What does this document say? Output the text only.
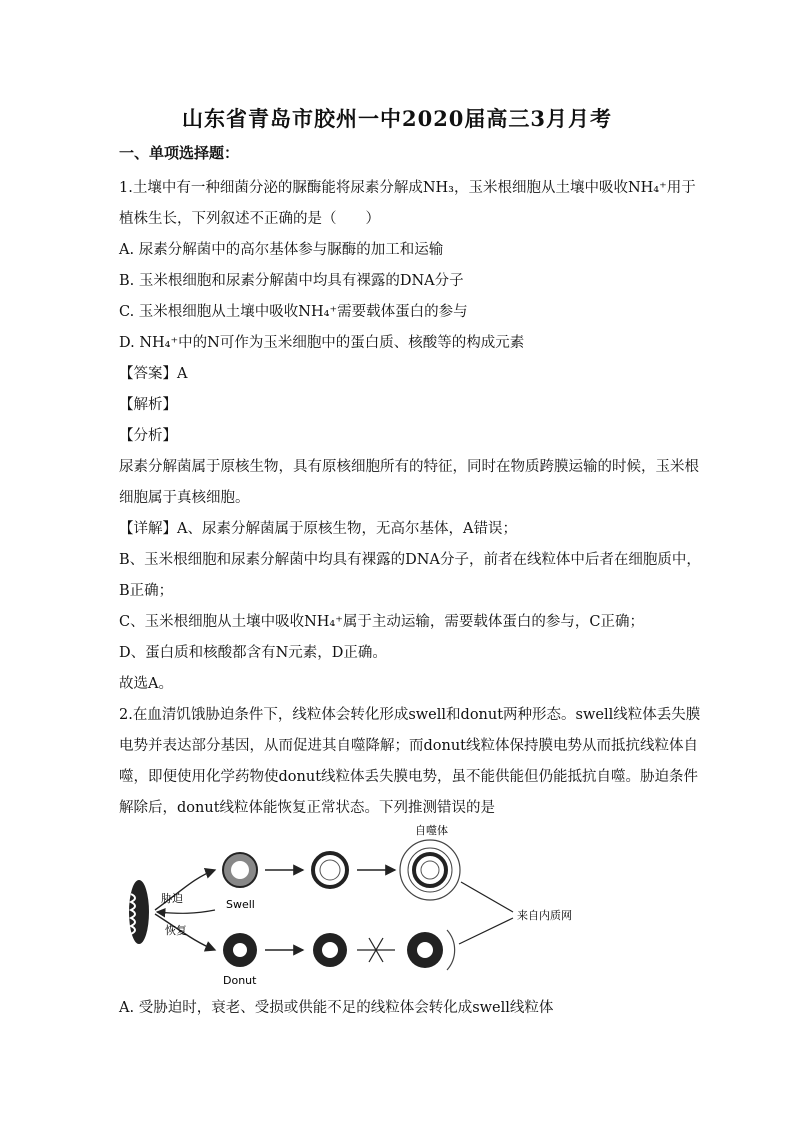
山东省青岛市胶州一中2020届高三3月月考
一、单项选择题：
1.土壤中有一种细菌分泌的脲酶能将尿素分解成NH₃，玉米根细胞从土壤中吸收NH₄⁺用于
植株生长，下列叙述不正确的是（　　）
A. 尿素分解菌中的高尔基体参与脲酶的加工和运输
B. 玉米根细胞和尿素分解菌中均具有裸露的DNA分子
C. 玉米根细胞从土壤中吸收NH₄⁺需要载体蛋白的参与
D. NH₄⁺中的N可作为玉米细胞中的蛋白质、核酸等的构成元素
【答案】A
【解析】
【分析】
尿素分解菌属于原核生物，具有原核细胞所有的特征，同时在物质跨膜运输的时候，玉米根
细胞属于真核细胞。
【详解】A、尿素分解菌属于原核生物，无高尔基体，A错误；
B、玉米根细胞和尿素分解菌中均具有裸露的DNA分子，前者在线粒体中后者在细胞质中，
B正确；
C、玉米根细胞从土壤中吸收NH₄⁺属于主动运输，需要载体蛋白的参与，C正确；
D、蛋白质和核酸都含有N元素，D正确。
故选A。
2.在血清饥饿胁迫条件下，线粒体会转化形成swell和donut两种形态。swell线粒体丢失膜
电势并表达部分基因，从而促进其自噬降解；而donut线粒体保持膜电势从而抵抗线粒体自
噬，即便使用化学药物使donut线粒体丢失膜电势，虽不能供能但仍能抵抗自噬。胁迫条件
解除后，donut线粒体能恢复正常状态。下列推测错误的是
胁迫
恢复
Swell
自噬体
Donut
来自内质网
A. 受胁迫时，衰老、受损或供能不足的线粒体会转化成swell线粒体
